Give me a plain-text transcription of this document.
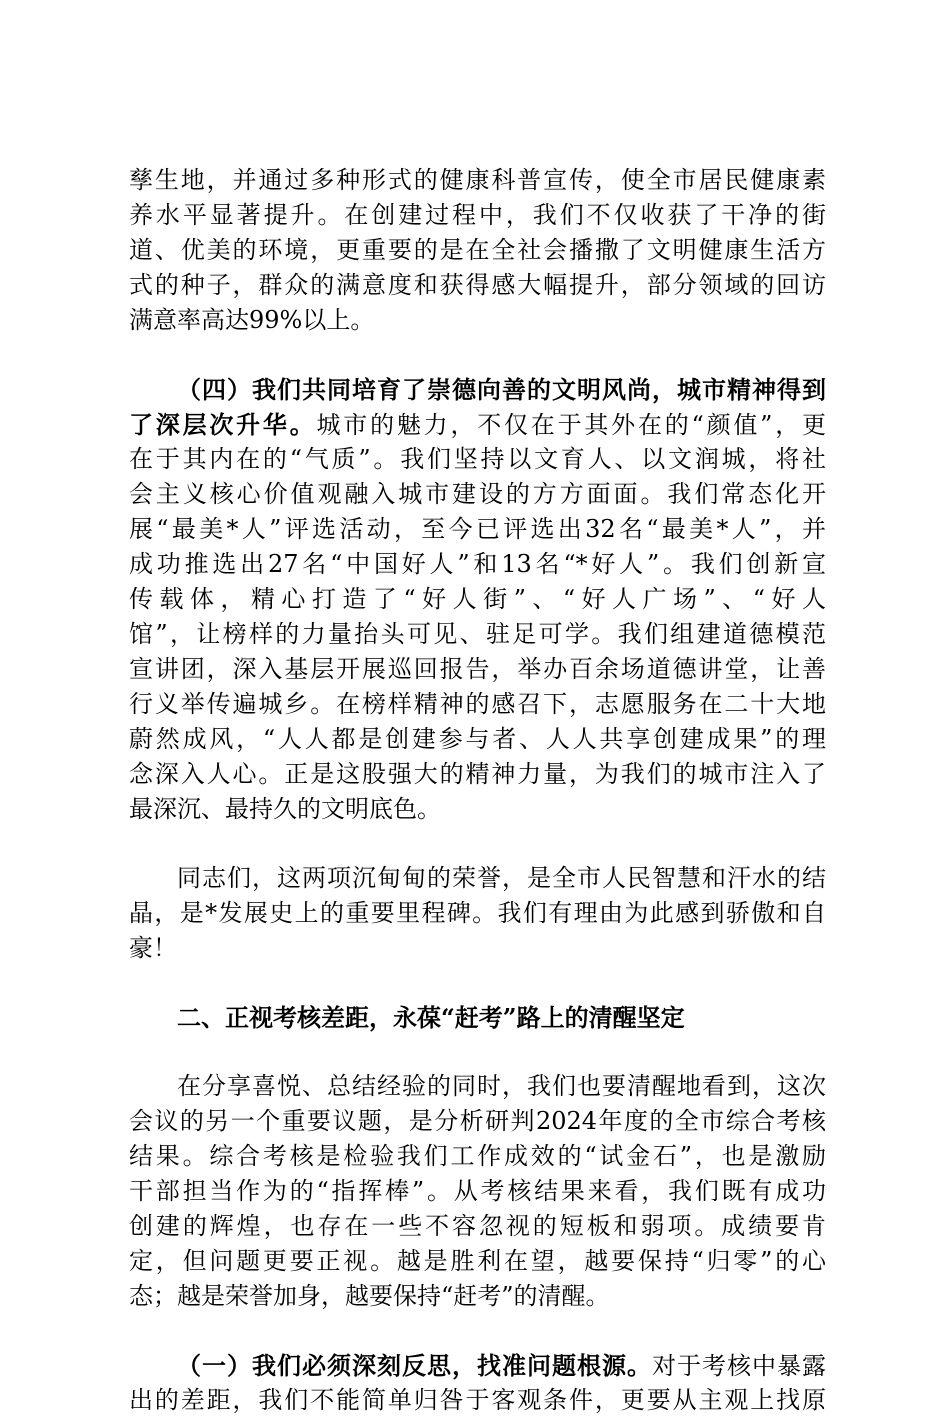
孳生地，并通过多种形式的健康科普宣传，使全市居民健康素
养水平显著提升。在创建过程中，我们不仅收获了干净的街
道、优美的环境，更重要的是在全社会播撒了文明健康生活方
式的种子，群众的满意度和获得感大幅提升，部分领域的回访
满意率高达99%以上。
（四）我们共同培育了崇德向善的文明风尚，城市精神得到
了深层次升华。城市的魅力，不仅在于其外在的“颜值”，更
在于其内在的“气质”。我们坚持以文育人、以文润城，将社
会主义核心价值观融入城市建设的方方面面。我们常态化开
展“最美*人”评选活动，至今已评选出32名“最美*人”，并
成功推选出27名“中国好人”和13名“*好人”。我们创新宣
传载体，精心打造了“好人街”、“好人广场”、“好人
馆”，让榜样的力量抬头可见、驻足可学。我们组建道德模范
宣讲团，深入基层开展巡回报告，举办百余场道德讲堂，让善
行义举传遍城乡。在榜样精神的感召下，志愿服务在二十大地
蔚然成风，“人人都是创建参与者、人人共享创建成果”的理
念深入人心。正是这股强大的精神力量，为我们的城市注入了
最深沉、最持久的文明底色。
同志们，这两项沉甸甸的荣誉，是全市人民智慧和汗水的结
晶，是*发展史上的重要里程碑。我们有理由为此感到骄傲和自
豪！
二、正视考核差距，永葆“赶考”路上的清醒坚定
在分享喜悦、总结经验的同时，我们也要清醒地看到，这次
会议的另一个重要议题，是分析研判2024年度的全市综合考核
结果。综合考核是检验我们工作成效的“试金石”，也是激励
干部担当作为的“指挥棒”。从考核结果来看，我们既有成功
创建的辉煌，也存在一些不容忽视的短板和弱项。成绩要肯
定，但问题更要正视。越是胜利在望，越要保持“归零”的心
态；越是荣誉加身，越要保持“赶考”的清醒。
（一）我们必须深刻反思，找准问题根源。对于考核中暴露
出的差距，我们不能简单归咎于客观条件，更要从主观上找原
